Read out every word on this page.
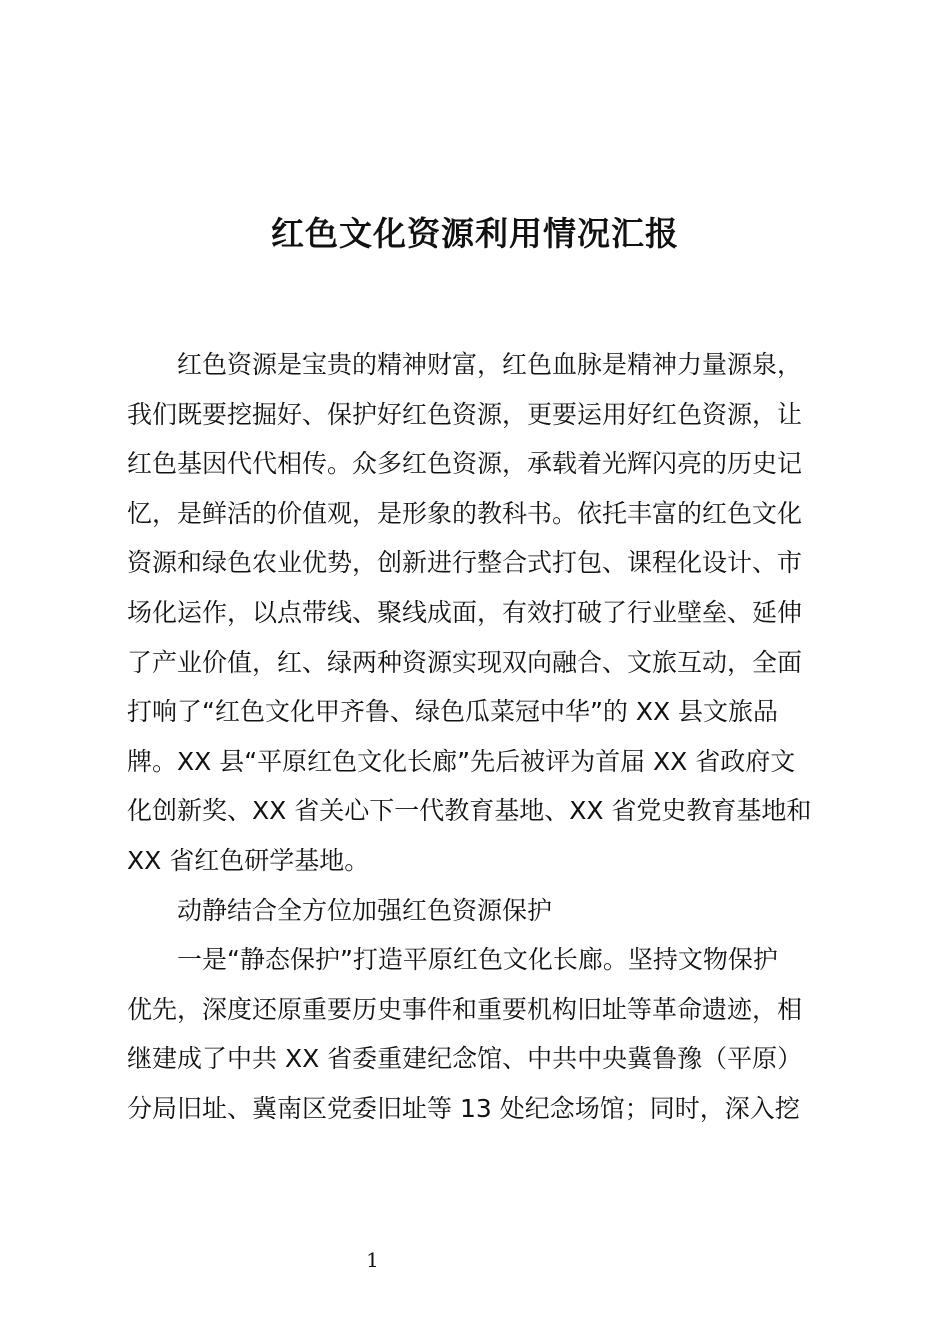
红色文化资源利用情况汇报
红色资源是宝贵的精神财富，红色血脉是精神力量源泉，
我们既要挖掘好、保护好红色资源，更要运用好红色资源，让
红色基因代代相传。众多红色资源，承载着光辉闪亮的历史记
忆，是鲜活的价值观，是形象的教科书。依托丰富的红色文化
资源和绿色农业优势，创新进行整合式打包、课程化设计、市
场化运作，以点带线、聚线成面，有效打破了行业壁垒、延伸
了产业价值，红、绿两种资源实现双向融合、文旅互动，全面
打响了“红色文化甲齐鲁、绿色瓜菜冠中华”的 XX 县文旅品
牌。XX 县“平原红色文化长廊”先后被评为首届 XX 省政府文
化创新奖、XX 省关心下一代教育基地、XX 省党史教育基地和
XX 省红色研学基地。
动静结合全方位加强红色资源保护
一是“静态保护”打造平原红色文化长廊。坚持文物保护
优先，深度还原重要历史事件和重要机构旧址等革命遗迹，相
继建成了中共 XX 省委重建纪念馆、中共中央冀鲁豫（平原）
分局旧址、冀南区党委旧址等 13 处纪念场馆；同时，深入挖
1
